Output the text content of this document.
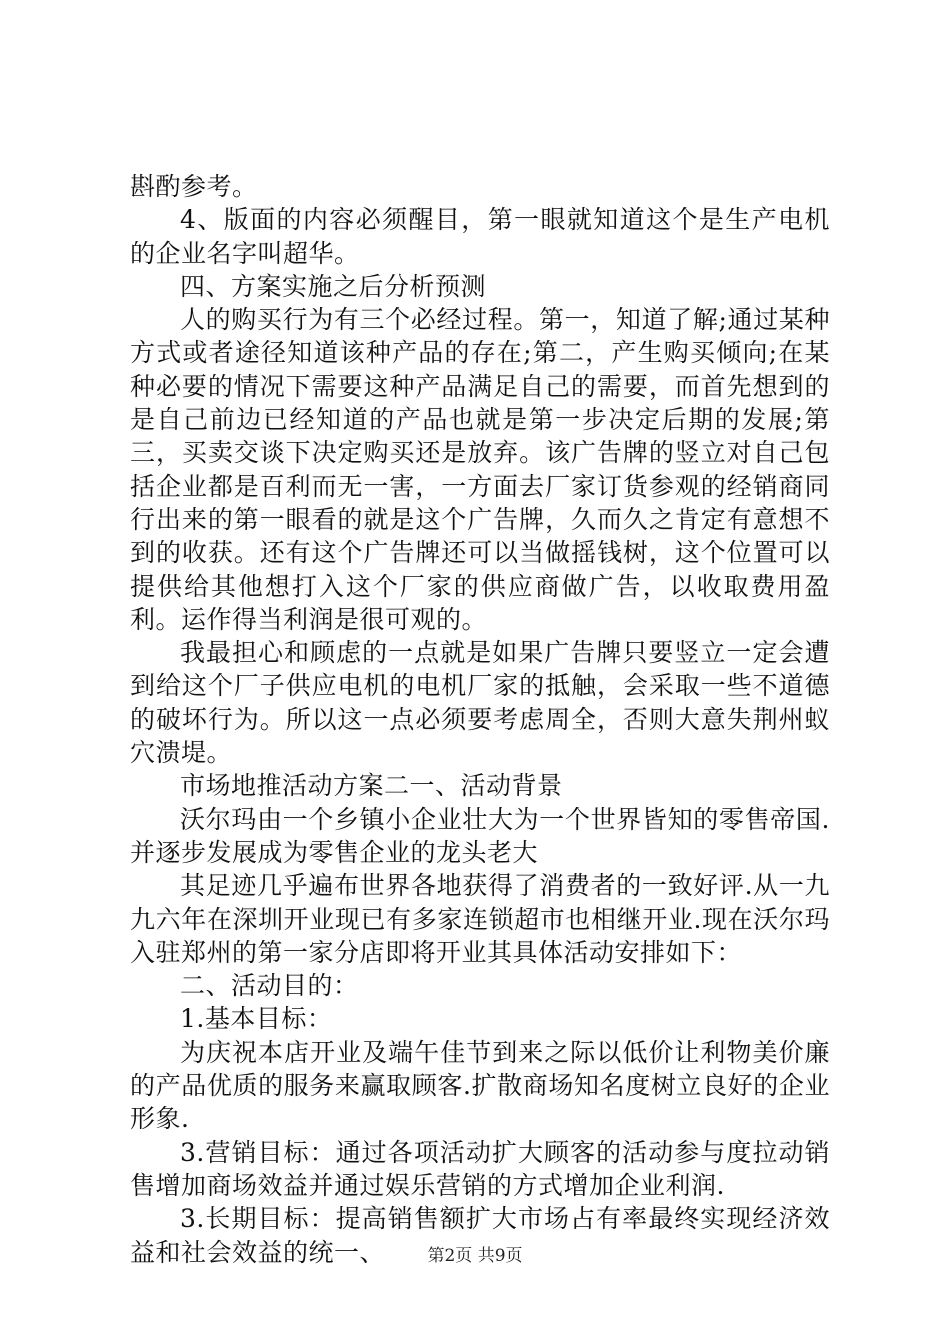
斟酌参考。

4、版面的内容必须醒目，第一眼就知道这个是生产电机的企业名字叫超华。

四、方案实施之后分析预测

人的购买行为有三个必经过程。第一，知道了解;通过某种方式或者途径知道该种产品的存在;第二，产生购买倾向;在某种必要的情况下需要这种产品满足自己的需要，而首先想到的是自己前边已经知道的产品也就是第一步决定后期的发展;第三，买卖交谈下决定购买还是放弃。该广告牌的竖立对自己包括企业都是百利而无一害，一方面去厂家订货参观的经销商同行出来的第一眼看的就是这个广告牌，久而久之肯定有意想不到的收获。还有这个广告牌还可以当做摇钱树，这个位置可以提供给其他想打入这个厂家的供应商做广告，以收取费用盈利。运作得当利润是很可观的。

我最担心和顾虑的一点就是如果广告牌只要竖立一定会遭到给这个厂子供应电机的电机厂家的抵触，会采取一些不道德的破坏行为。所以这一点必须要考虑周全，否则大意失荆州蚁穴溃堤。

市场地推活动方案二一、活动背景

沃尔玛由一个乡镇小企业壮大为一个世界皆知的零售帝国.并逐步发展成为零售企业的龙头老大

其足迹几乎遍布世界各地获得了消费者的一致好评.从一九九六年在深圳开业现已有多家连锁超市也相继开业.现在沃尔玛入驻郑州的第一家分店即将开业其具体活动安排如下：

二、活动目的：

1.基本目标：

为庆祝本店开业及端午佳节到来之际以低价让利物美价廉的产品优质的服务来赢取顾客.扩散商场知名度树立良好的企业形象.

3.营销目标：通过各项活动扩大顾客的活动参与度拉动销售增加商场效益并通过娱乐营销的方式增加企业利润.

3.长期目标：提高销售额扩大市场占有率最终实现经济效益和社会效益的统一、	第2页 共9页
